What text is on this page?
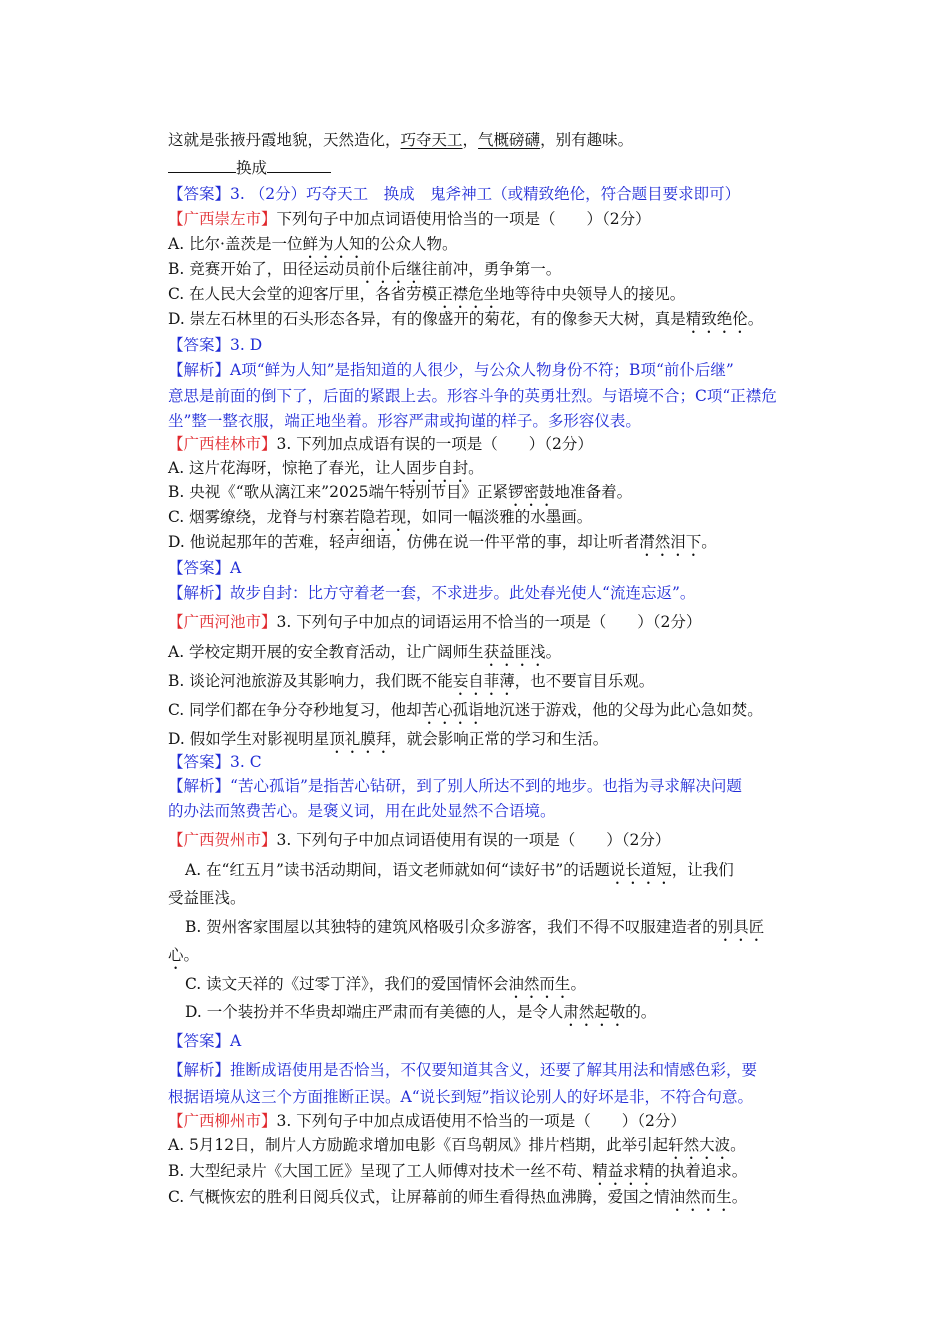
这就是张掖丹霞地貌，天然造化，巧夺天工，气概磅礴，别有趣味。
换成
【答案】3. （2分）巧夺天工　换成　鬼斧神工（或精致绝伦，符合题目要求即可）
【广西崇左市】下列句子中加点词语使用恰当的一项是（　　）（2分）
A. 比尔·盖茨是一位鲜为人知的公众人物。
B. 竞赛开始了，田径运动员前仆后继往前冲，勇争第一。
C. 在人民大会堂的迎客厅里，各省劳模正襟危坐地等待中央领导人的接见。
D. 崇左石林里的石头形态各异，有的像盛开的菊花，有的像参天大树，真是精致绝伦。
【答案】3. D
【解析】A项“鲜为人知”是指知道的人很少，与公众人物身份不符；B项“前仆后继”
意思是前面的倒下了，后面的紧跟上去。形容斗争的英勇壮烈。与语境不合；C项“正襟危
坐”整一整衣服，端正地坐着。形容严肃或拘谨的样子。多形容仪表。
【广西桂林市】3. 下列加点成语有误的一项是（　　）（2分）
A. 这片花海呀，惊艳了春光，让人固步自封。
B. 央视《“歌从漓江来”2025端午特别节目》正紧锣密鼓地准备着。
C. 烟雾缭绕，龙脊与村寨若隐若现，如同一幅淡雅的水墨画。
D. 他说起那年的苦难，轻声细语，仿佛在说一件平常的事，却让听者潸然泪下。
【答案】A
【解析】故步自封：比方守着老一套，不求进步。此处春光使人“流连忘返”。
【广西河池市】3. 下列句子中加点的词语运用不恰当的一项是（　　）（2分）
A. 学校定期开展的安全教育活动，让广阔师生获益匪浅。
B. 谈论河池旅游及其影响力，我们既不能妄自菲薄，也不要盲目乐观。
C. 同学们都在争分夺秒地复习，他却苦心孤诣地沉迷于游戏，他的父母为此心急如焚。
D. 假如学生对影视明星顶礼膜拜，就会影响正常的学习和生活。
【答案】3. C
【解析】“苦心孤诣”是指苦心钻研，到了别人所达不到的地步。也指为寻求解决问题
的办法而煞费苦心。是褒义词，用在此处显然不合语境。
【广西贺州市】3. 下列句子中加点词语使用有误的一项是（　　）（2分）
A. 在“红五月”读书活动期间，语文老师就如何“读好书”的话题说长道短，让我们
受益匪浅。
B. 贺州客家围屋以其独特的建筑风格吸引众多游客，我们不得不叹服建造者的别具匠
心。
C. 读文天祥的《过零丁洋》，我们的爱国情怀会油然而生。
D. 一个装扮并不华贵却端庄严肃而有美德的人，是令人肃然起敬的。
【答案】A
【解析】推断成语使用是否恰当，不仅要知道其含义，还要了解其用法和情感色彩，要
根据语境从这三个方面推断正误。A“说长到短”指议论别人的好坏是非，不符合句意。
【广西柳州市】3. 下列句子中加点成语使用不恰当的一项是（　　）（2分）
A. 5月12日，制片人方励跪求增加电影《百鸟朝凤》排片档期，此举引起轩然大波。
B. 大型纪录片《大国工匠》呈现了工人师傅对技术一丝不苟、精益求精的执着追求。
C. 气概恢宏的胜利日阅兵仪式，让屏幕前的师生看得热血沸腾，爱国之情油然而生。
